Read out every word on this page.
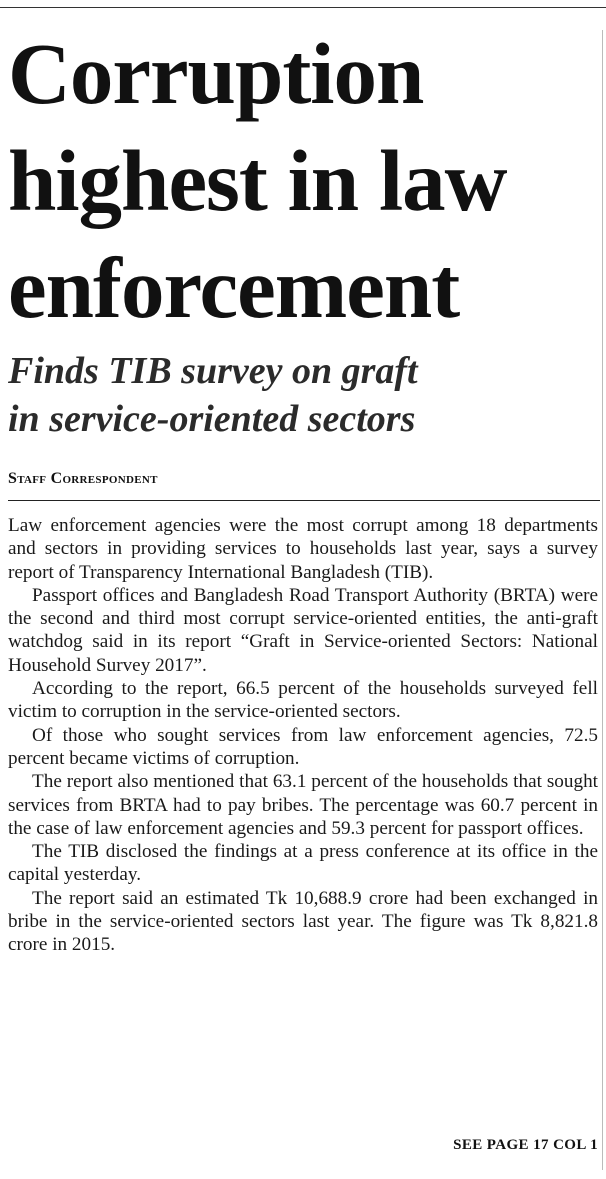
Corruption
highest in law
enforcement
Finds TIB survey on graft
in service-oriented sectors
Staff Correspondent

Law enforcement agencies were the most corrupt among 18 departments and sectors in providing services to households last year, says a survey report of Transparency International Bangladesh (TIB).

Passport offices and Bangladesh Road Transport Authority (BRTA) were the second and third most corrupt service-oriented entities, the anti-graft watchdog said in its report “Graft in Service-oriented Sectors: National Household Survey 2017”.

According to the report, 66.5 percent of the households surveyed fell victim to corruption in the service-oriented sectors.

Of those who sought services from law enforcement agencies, 72.5 percent became victims of corruption.

The report also mentioned that 63.1 percent of the households that sought services from BRTA had to pay bribes. The percentage was 60.7 percent in the case of law enforcement agencies and 59.3 percent for passport offices.

The TIB disclosed the findings at a press conference at its office in the capital yesterday.

The report said an estimated Tk 10,688.9 crore had been exchanged in bribe in the service-oriented sectors last year. The figure was Tk 8,821.8 crore in 2015.

SEE PAGE 17 COL 1
